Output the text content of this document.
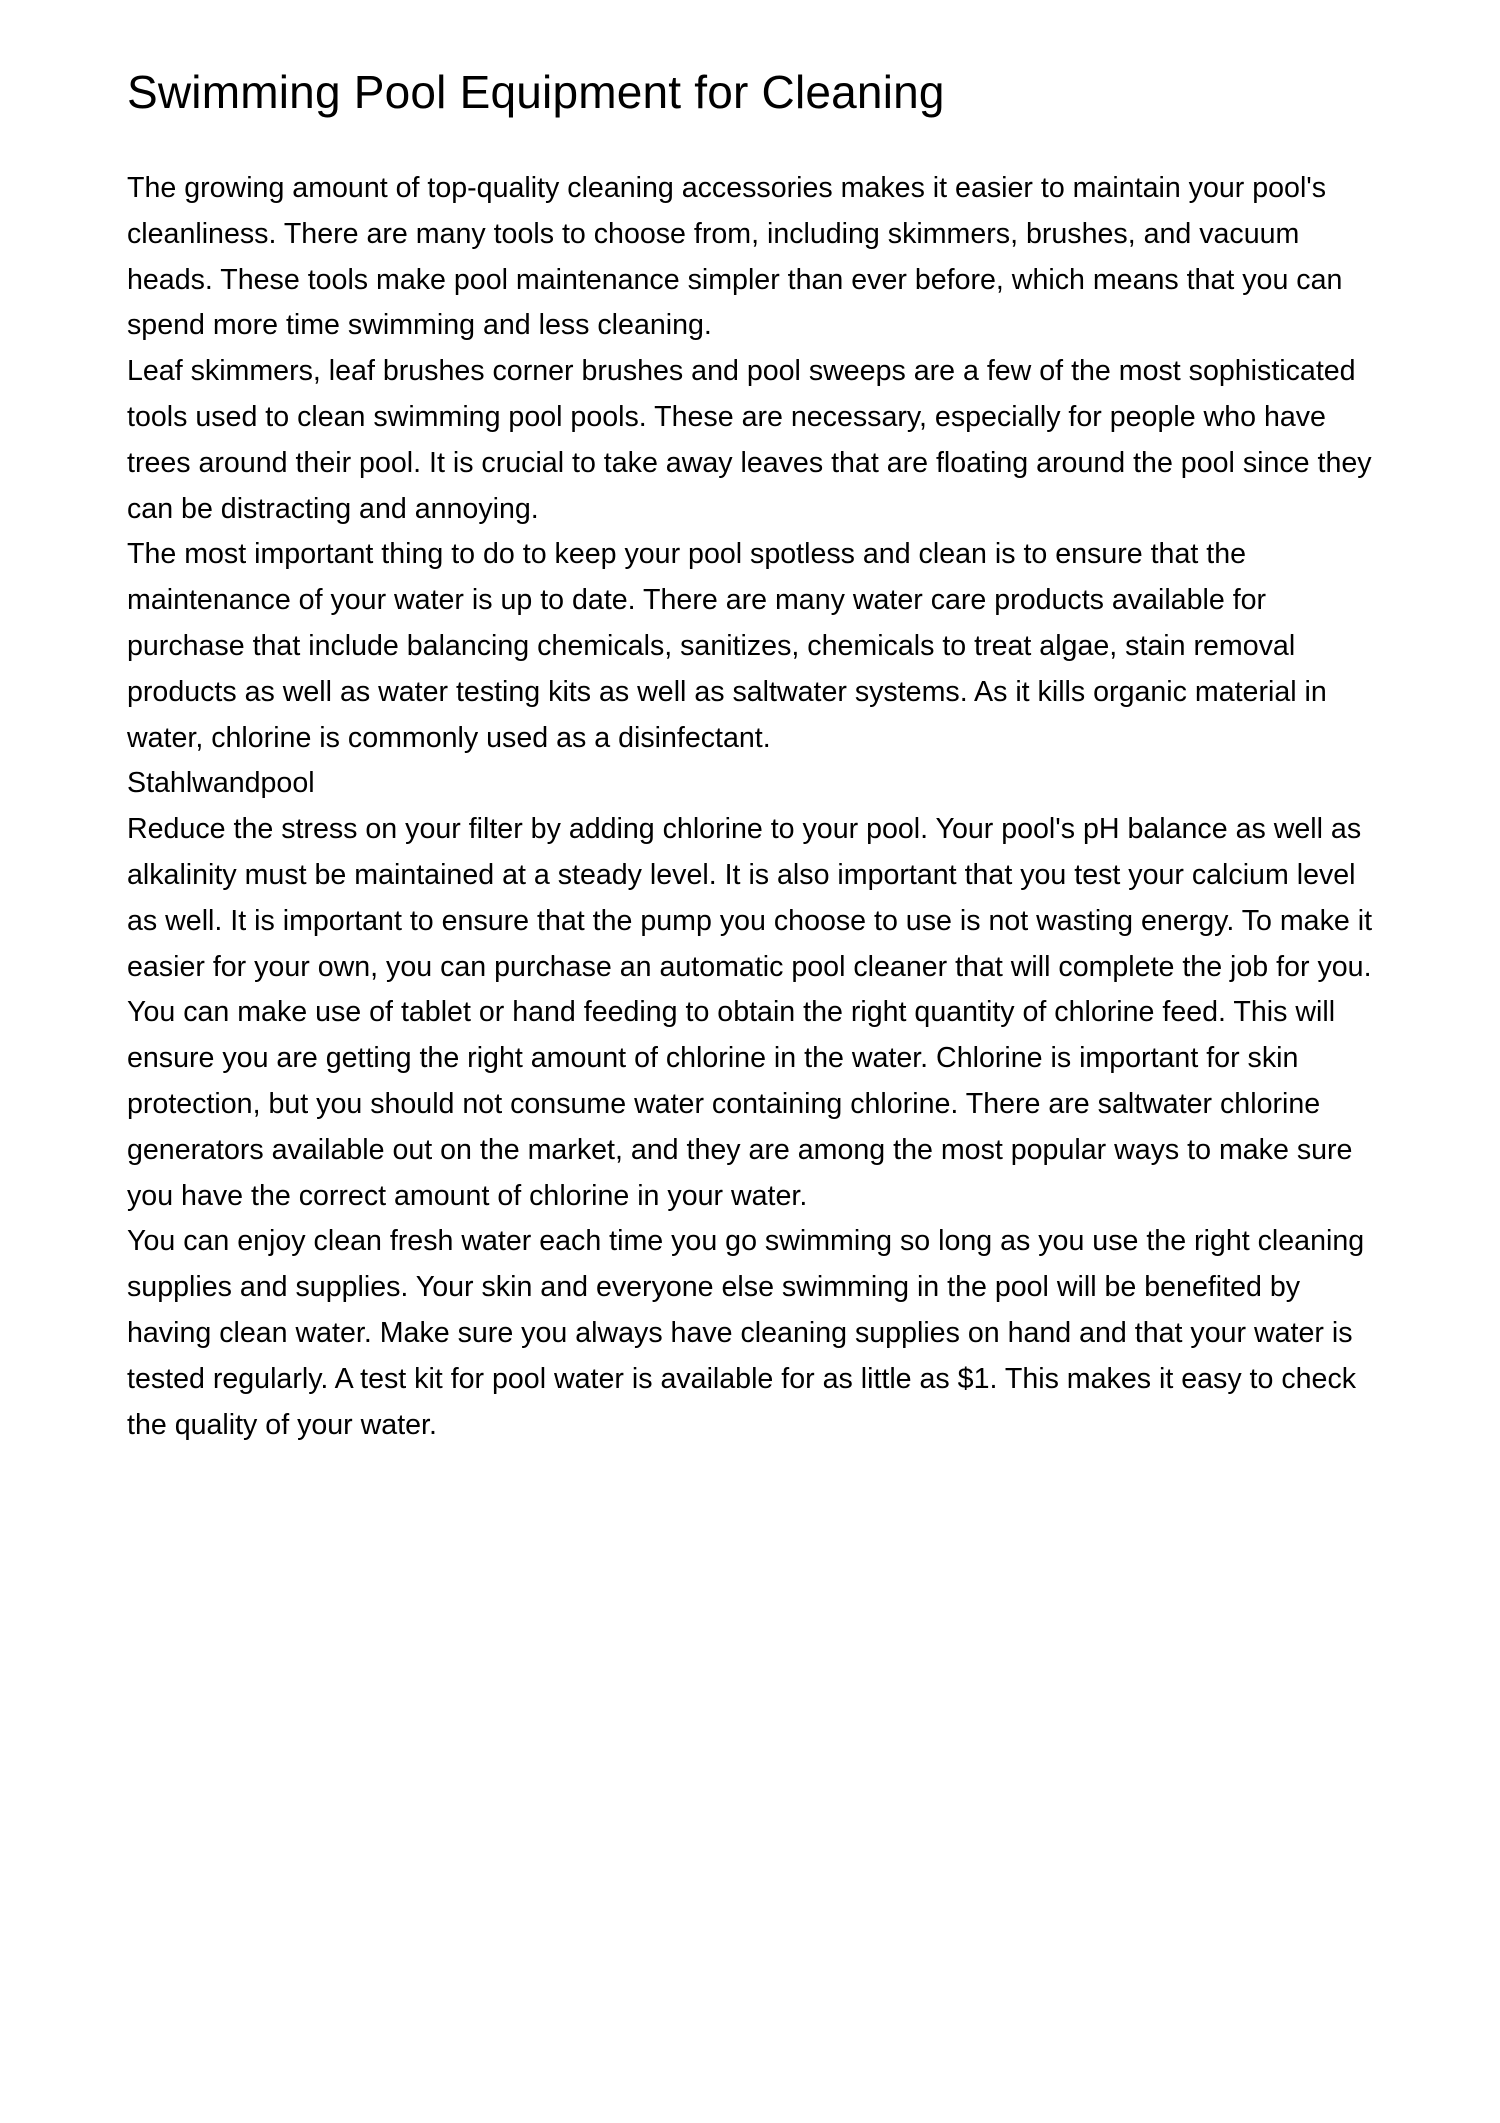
Swimming Pool Equipment for Cleaning

The growing amount of top-quality cleaning accessories makes it easier to maintain your pool's cleanliness. There are many tools to choose from, including skimmers, brushes, and vacuum heads. These tools make pool maintenance simpler than ever before, which means that you can spend more time swimming and less cleaning.

Leaf skimmers, leaf brushes corner brushes and pool sweeps are a few of the most sophisticated tools used to clean swimming pool pools. These are necessary, especially for people who have trees around their pool. It is crucial to take away leaves that are floating around the pool since they can be distracting and annoying.

The most important thing to do to keep your pool spotless and clean is to ensure that the maintenance of your water is up to date. There are many water care products available for purchase that include balancing chemicals, sanitizes, chemicals to treat algae, stain removal products as well as water testing kits as well as saltwater systems. As it kills organic material in water, chlorine is commonly used as a disinfectant.

Stahlwandpool

Reduce the stress on your filter by adding chlorine to your pool. Your pool's pH balance as well as alkalinity must be maintained at a steady level. It is also important that you test your calcium level as well. It is important to ensure that the pump you choose to use is not wasting energy. To make it easier for your own, you can purchase an automatic pool cleaner that will complete the job for you.

You can make use of tablet or hand feeding to obtain the right quantity of chlorine feed. This will ensure you are getting the right amount of chlorine in the water. Chlorine is important for skin protection, but you should not consume water containing chlorine. There are saltwater chlorine generators available out on the market, and they are among the most popular ways to make sure you have the correct amount of chlorine in your water.

You can enjoy clean fresh water each time you go swimming so long as you use the right cleaning supplies and supplies. Your skin and everyone else swimming in the pool will be benefited by having clean water. Make sure you always have cleaning supplies on hand and that your water is tested regularly. A test kit for pool water is available for as little as $1. This makes it easy to check the quality of your water.
